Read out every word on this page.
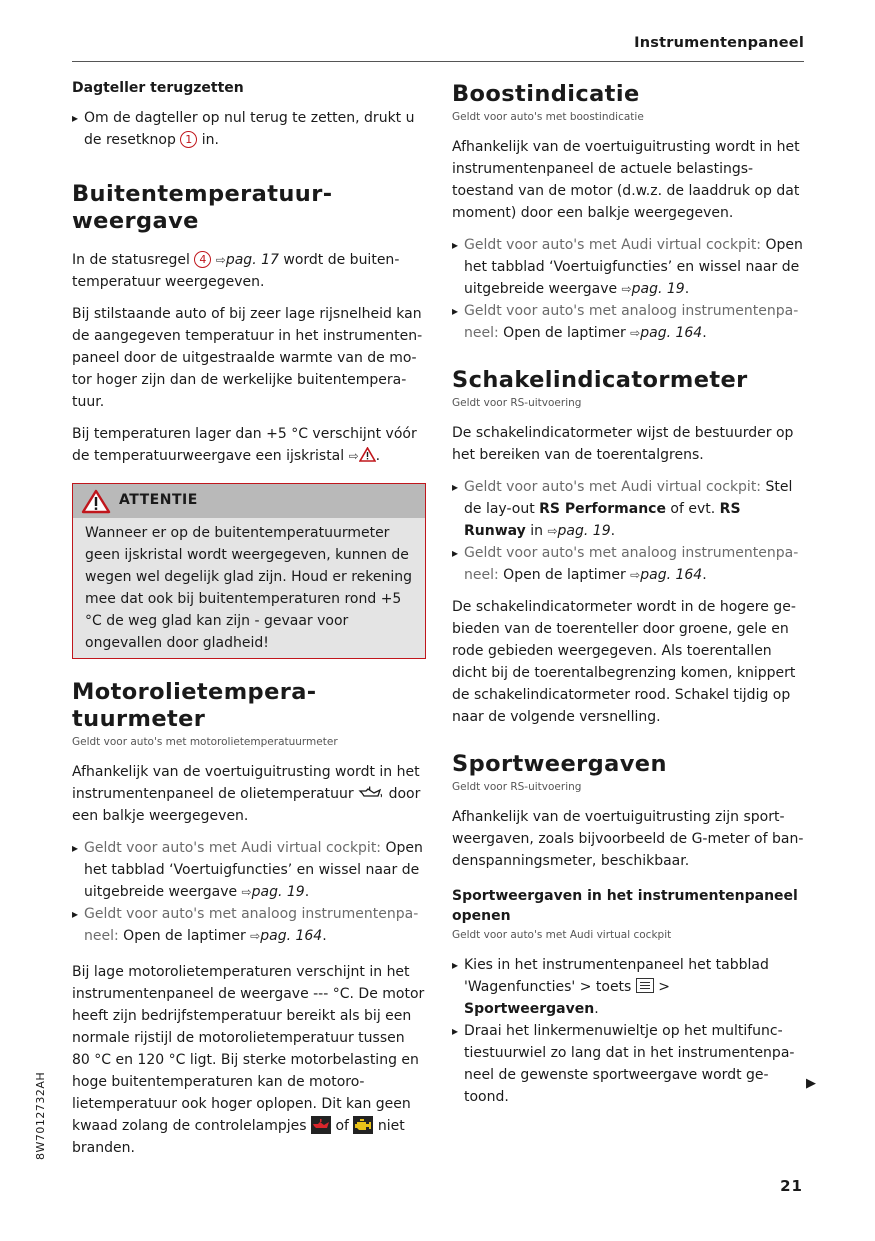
Instrumentenpaneel
Dagteller terugzetten
▸ Om de dagteller op nul terug te zetten, drukt u de resetknop 1 in.
Buitentemperatuur-
weergave

In de statusregel 4 ⇨pag. 17 wordt de buitentemperatuur weergegeven.

Bij stilstaande auto of bij zeer lage rijsnelheid kan de aangegeven temperatuur in het instrumentenpaneel door de uitgestraalde warmte van de motor hoger zijn dan de werkelijke buitentemperatuur.

Bij temperaturen lager dan +5 °C verschijnt vóór de temperatuurweergave een ijskristal ⇨ .

ATTENTIE

Wanneer er op de buitentemperatuurmeter geen ijskristal wordt weergegeven, kunnen de wegen wel degelijk glad zijn. Houd er rekening mee dat ook bij buitentemperaturen rond +5 °C de weg glad kan zijn - gevaar voor ongevallen door gladheid!

Motorolietempera-
tuurmeter
Geldt voor auto's met motorolietemperatuurmeter

Afhankelijk van de voertuiguitrusting wordt in het instrumentenpaneel de olietemperatuur door een balkje weergegeven.

▸ Geldt voor auto's met Audi virtual cockpit: Open het tabblad ‘Voertuigfuncties’ en wissel naar de uitgebreide weergave ⇨pag. 19.
▸ Geldt voor auto's met analoog instrumentenpaneel: Open de laptimer ⇨pag. 164.

Bij lage motorolietemperaturen verschijnt in het instrumentenpaneel de weergave --- °C. De motor heeft zijn bedrijfstemperatuur bereikt als bij een normale rijstijl de motorolietemperatuur tussen 80 °C en 120 °C ligt. Bij sterke motorbelasting en hoge buitentemperaturen kan de motorolietemperatuur ook hoger oplopen. Dit kan geen kwaad zolang de controlelampjes of niet branden.

Boostindicatie
Geldt voor auto's met boostindicatie

Afhankelijk van de voertuiguitrusting wordt in het instrumentenpaneel de actuele belastingstoestand van de motor (d.w.z. de laaddruk op dat moment) door een balkje weergegeven.

▸ Geldt voor auto's met Audi virtual cockpit: Open het tabblad ‘Voertuigfuncties’ en wissel naar de uitgebreide weergave ⇨pag. 19.
▸ Geldt voor auto's met analoog instrumentenpaneel: Open de laptimer ⇨pag. 164.
Schakelindicatormeter
Geldt voor RS-uitvoering

De schakelindicatormeter wijst de bestuurder op het bereiken van de toerentalgrens.

▸ Geldt voor auto's met Audi virtual cockpit: Stel de lay-out RS Performance of evt. RS Runway in ⇨pag. 19.
▸ Geldt voor auto's met analoog instrumentenpaneel: Open de laptimer ⇨pag. 164.

De schakelindicatormeter wordt in de hogere gebieden van de toerenteller door groene, gele en rode gebieden weergegeven. Als toerentallen dicht bij de toerentalbegrenzing komen, knippert de schakelindicatormeter rood. Schakel tijdig op naar de volgende versnelling.

Sportweergaven
Geldt voor RS-uitvoering

Afhankelijk van de voertuiguitrusting zijn sportweergaven, zoals bijvoorbeeld de G-meter of bandenspanningsmeter, beschikbaar.

Sportweergaven in het instrumentenpaneel openen
Geldt voor auto's met Audi virtual cockpit
▸ Kies in het instrumentenpaneel het tabblad 'Wagenfuncties' > toets > Sportweergaven.
▸ Draai het linkermenuwieltje op het multifunctiestuurwiel zo lang dat in het instrumentenpaneel de gewenste sportweergave wordt getoond.
▶
8W7012732AH
21
